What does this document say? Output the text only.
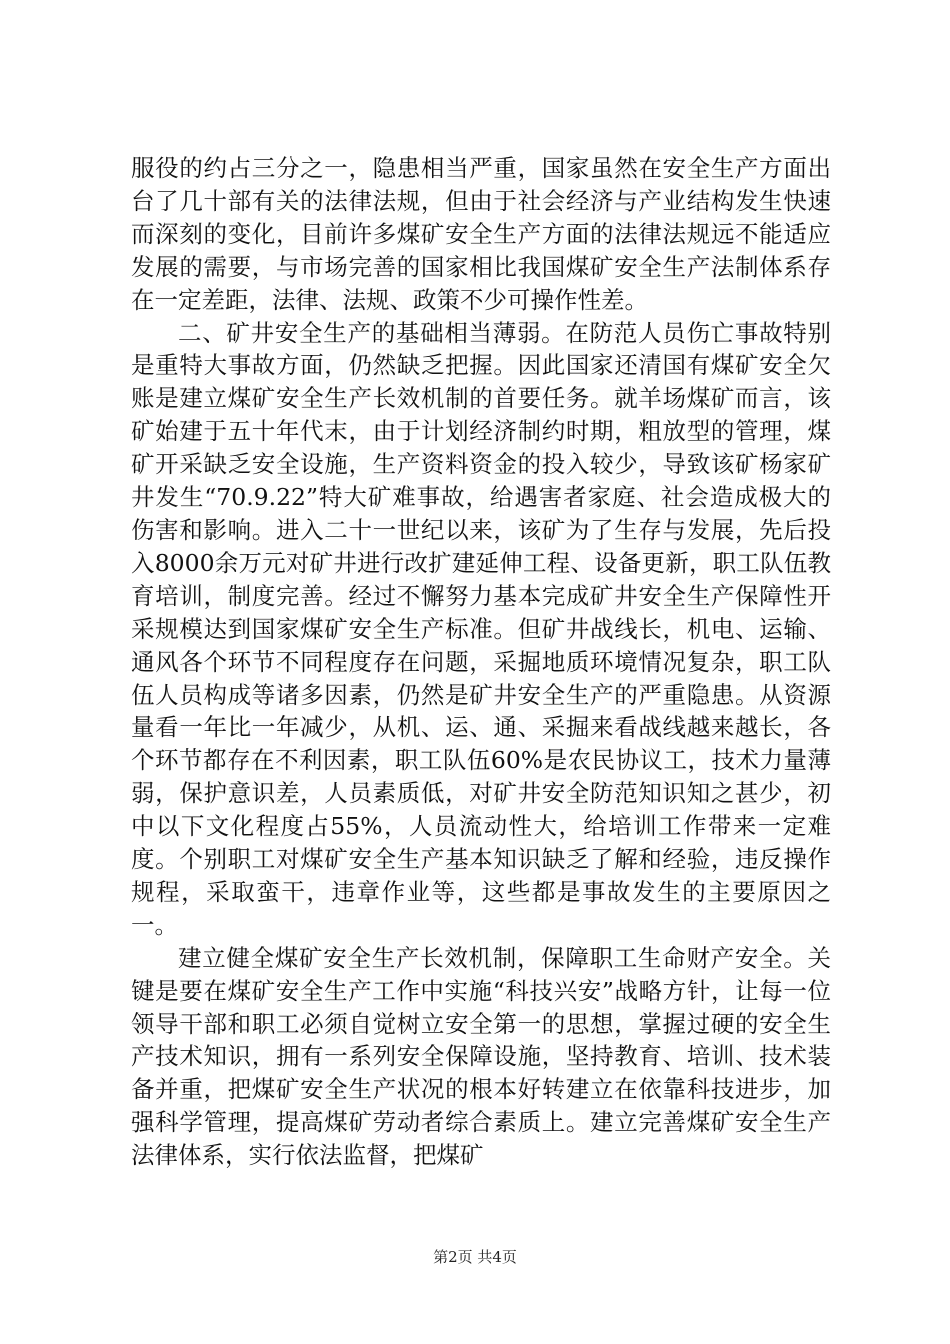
服役的约占三分之一，隐患相当严重，国家虽然在安全生产方面出台了几十部有关的法律法规，但由于社会经济与产业结构发生快速而深刻的变化，目前许多煤矿安全生产方面的法律法规远不能适应发展的需要，与市场完善的国家相比我国煤矿安全生产法制体系存在一定差距，法律、法规、政策不少可操作性差。

二、矿井安全生产的基础相当薄弱。在防范人员伤亡事故特别是重特大事故方面，仍然缺乏把握。因此国家还清国有煤矿安全欠账是建立煤矿安全生产长效机制的首要任务。就羊场煤矿而言，该矿始建于五十年代末，由于计划经济制约时期，粗放型的管理，煤矿开采缺乏安全设施，生产资料资金的投入较少，导致该矿杨家矿井发生“70.9.22”特大矿难事故，给遇害者家庭、社会造成极大的伤害和影响。进入二十一世纪以来，该矿为了生存与发展，先后投入8000余万元对矿井进行改扩建延伸工程、设备更新，职工队伍教育培训，制度完善。经过不懈努力基本完成矿井安全生产保障性开采规模达到国家煤矿安全生产标准。但矿井战线长，机电、运输、通风各个环节不同程度存在问题，采掘地质环境情况复杂，职工队伍人员构成等诸多因素，仍然是矿井安全生产的严重隐患。从资源量看一年比一年减少，从机、运、通、采掘来看战线越来越长，各个环节都存在不利因素，职工队伍60%是农民协议工，技术力量薄弱，保护意识差，人员素质低，对矿井安全防范知识知之甚少，初中以下文化程度占55%，人员流动性大，给培训工作带来一定难度。个别职工对煤矿安全生产基本知识缺乏了解和经验，违反操作规程，采取蛮干，违章作业等，这些都是事故发生的主要原因之一。

建立健全煤矿安全生产长效机制，保障职工生命财产安全。关键是要在煤矿安全生产工作中实施“科技兴安”战略方针，让每一位领导干部和职工必须自觉树立安全第一的思想，掌握过硬的安全生产技术知识，拥有一系列安全保障设施，坚持教育、培训、技术装备并重，把煤矿安全生产状况的根本好转建立在依靠科技进步，加强科学管理，提高煤矿劳动者综合素质上。建立完善煤矿安全生产法律体系，实行依法监督，把煤矿

第2页 共4页
